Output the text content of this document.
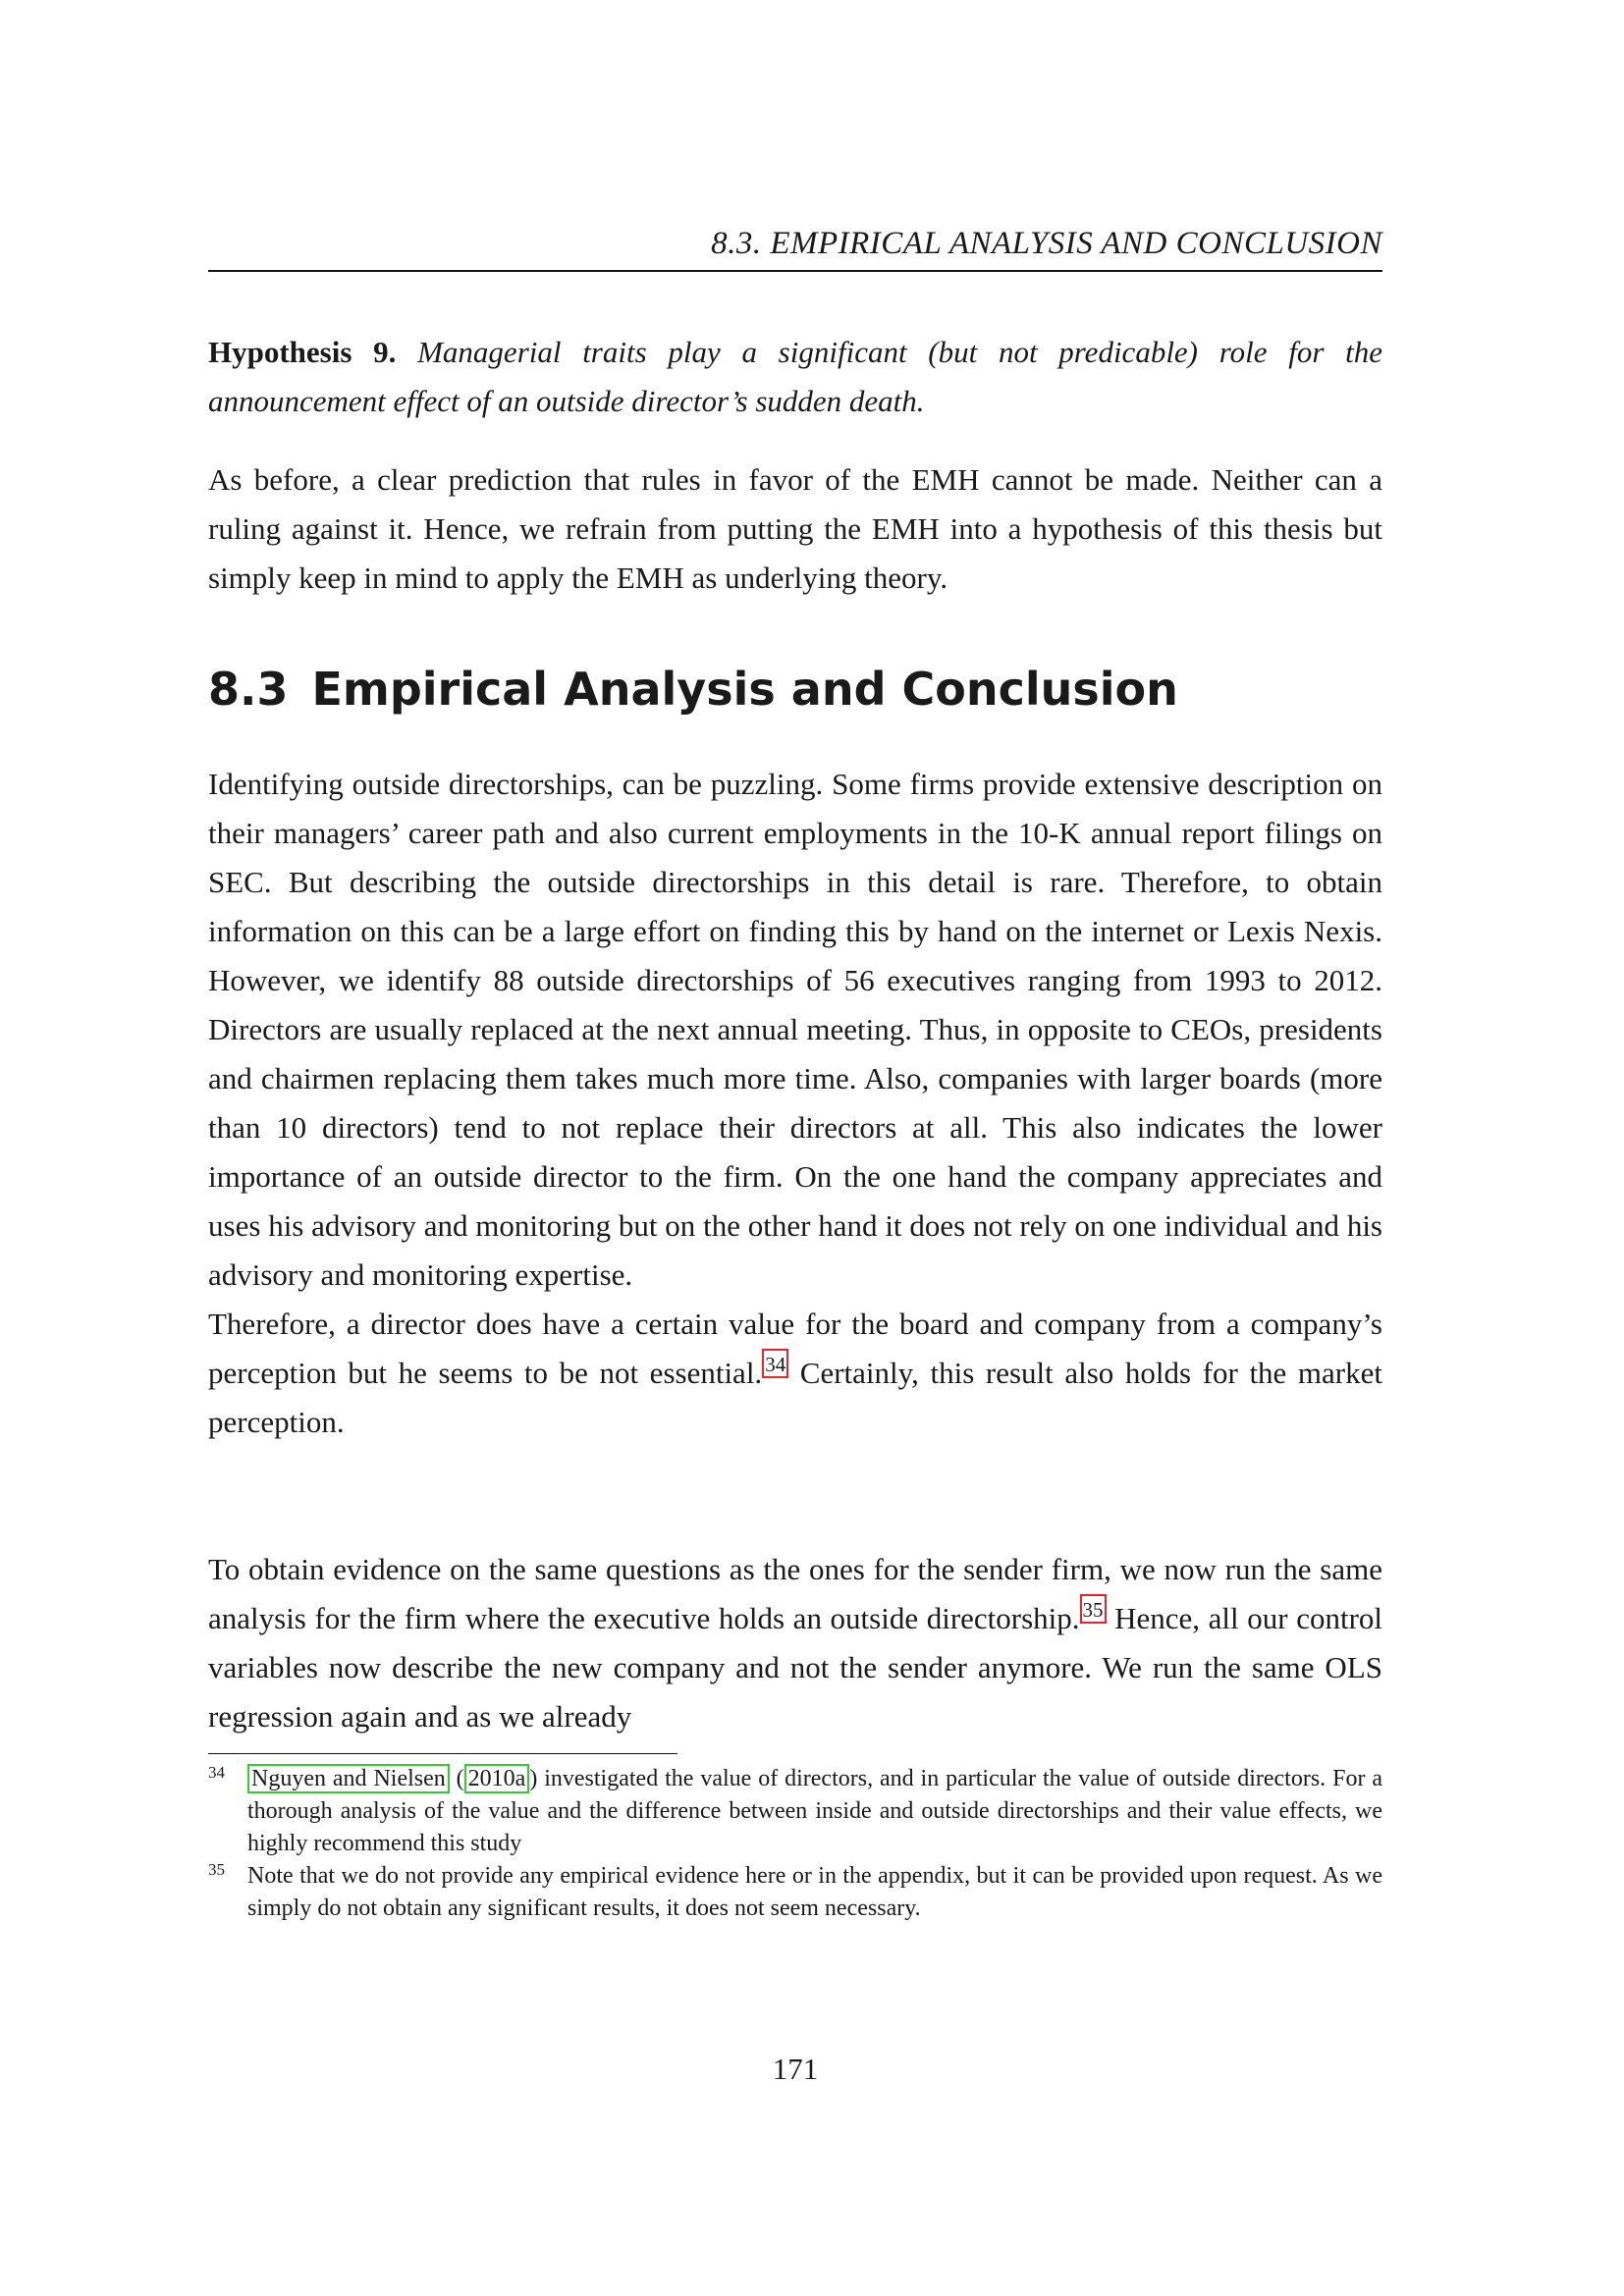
8.3. EMPIRICAL ANALYSIS AND CONCLUSION
Hypothesis 9. Managerial traits play a significant (but not predicable) role for the announcement effect of an outside director’s sudden death.
As before, a clear prediction that rules in favor of the EMH cannot be made. Neither can a ruling against it. Hence, we refrain from putting the EMH into a hypothesis of this thesis but simply keep in mind to apply the EMH as underlying theory.
8.3 Empirical Analysis and Conclusion

Identifying outside directorships, can be puzzling. Some firms provide extensive description on their managers’ career path and also current employments in the 10-K annual report filings on SEC. But describing the outside directorships in this detail is rare. Therefore, to obtain information on this can be a large effort on finding this by hand on the internet or Lexis Nexis. However, we identify 88 outside directorships of 56 executives ranging from 1993 to 2012. Directors are usually replaced at the next annual meeting. Thus, in opposite to CEOs, presidents and chairmen replacing them takes much more time. Also, companies with larger boards (more than 10 directors) tend to not replace their directors at all. This also indicates the lower importance of an outside director to the firm. On the one hand the company appreciates and uses his advisory and monitoring but on the other hand it does not rely on one individual and his advisory and monitoring expertise.

Therefore, a director does have a certain value for the board and company from a company’s perception but he seems to be not essential. 34 Certainly, this result also holds for the market perception.

To obtain evidence on the same questions as the ones for the sender firm, we now run the same analysis for the firm where the executive holds an outside directorship. 35 Hence, all our control variables now describe the new company and not the sender anymore. We run the same OLS regression again and as we already

34 Nguyen and Nielsen ( 2010a ) investigated the value of directors, and in particular the value of outside directors. For a thorough analysis of the value and the difference between inside and outside directorships and their value effects, we highly recommend this study

35 Note that we do not provide any empirical evidence here or in the appendix, but it can be provided upon request. As we simply do not obtain any significant results, it does not seem necessary.

171
